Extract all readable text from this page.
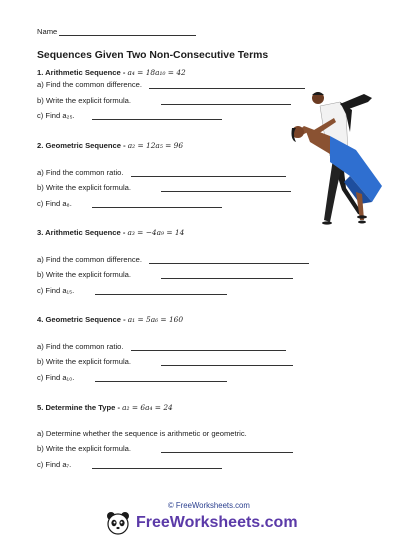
Name
Sequences Given Two Non-Consecutive Terms
1. Arithmetic Sequence - a₄ = 18a₁₀ = 42
a) Find the common difference.
b) Write the explicit formula.
c) Find a₂₅.
2. Geometric Sequence - a₂ = 12a₅ = 96
a) Find the common ratio.
b) Write the explicit formula.
c) Find a₈.
3. Arithmetic Sequence - a₃ = −4a₉ = 14
a) Find the common difference.
b) Write the explicit formula.
c) Find a₁₅.
4. Geometric Sequence - a₁ = 5a₆ = 160
a) Find the common ratio.
b) Write the explicit formula.
c) Find a₁₀.
5. Determine the Type - a₂ = 6a₄ = 24
a) Determine whether the sequence is arithmetic or geometric.
b) Write the explicit formula.
c) Find a₇.
© FreeWorksheets.com
FreeWorksheets.com
